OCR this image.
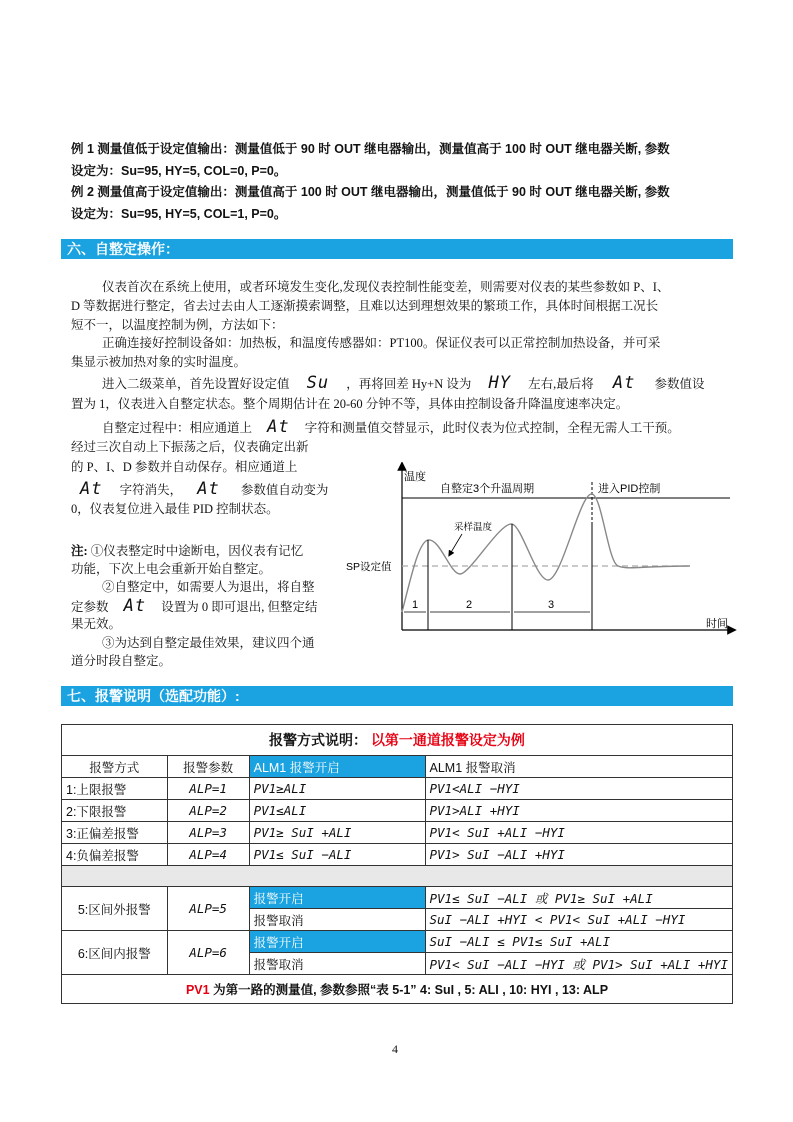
例 1 测量值低于设定值输出：测量值低于 90 时 OUT 继电器输出，测量值高于 100 时 OUT 继电器关断, 参数
设定为：Su=95, HY=5, COL=0, P=0。
例 2 测量值高于设定值输出：测量值高于 100 时 OUT 继电器输出，测量值低于 90 时 OUT 继电器关断, 参数
设定为：Su=95, HY=5, COL=1, P=0。
六、自整定操作：
仪表首次在系统上使用，或者环境发生变化,发现仪表控制性能变差，则需要对仪表的某些参数如 P、I、
D 等数据进行整定，省去过去由人工逐渐摸索调整，且难以达到理想效果的繁琐工作，具体时间根据工况长
短不一，以温度控制为例，方法如下：
正确连接好控制设备如：加热板，和温度传感器如：PT100。保证仪表可以正常控制加热设备，并可采
集显示被加热对象的实时温度。
进入二级菜单，首先设置好设定值 Su ，再将回差 Hy+N 设为 HY 左右,最后将 At 参数值设
置为 1，仪表进入自整定状态。整个周期估计在 20-60 分钟不等，具体由控制设备升降温度速率决定。
自整定过程中：相应通道上 At 字符和测量值交替显示，此时仪表为位式控制，全程无需人工干预。
经过三次自动上下振荡之后，仪表确定出新
的 P、I、D 参数并自动保存。相应通道上
At 字符消失， At 参数值自动变为
0，仪表复位进入最佳 PID 控制状态。
注: ①仪表整定时中途断电，因仪表有记忆
功能，下次上电会重新开始自整定。
②自整定中，如需要人为退出，将自整
定参数 At 设置为 0 即可退出, 但整定结
果无效。
③为达到自整定最佳效果，建议四个通
道分时段自整定。
温度
时间
SP设定值
自整定3个升温周期	进入PID控制
1	2	3
采样温度
七、报警说明（选配功能）:
报警方式说明： 以第一通道报警设定为例			
报警方式	报警参数	ALM1 报警开启	ALM1 报警取消
1:上限报警	ALP=1	PV1≥ALI	PV1<ALI −HYI
2:下限报警	ALP=2	PV1≤ALI	PV1>ALI +HYI
3:正偏差报警	ALP=3	PV1≥ SuI +ALI	PV1< SuI +ALI −HYI
4:负偏差报警	ALP=4	PV1≤ SuI −ALI	PV1> SuI −ALI +HYI

5:区间外报警	ALP=5	报警开启	PV1≤ SuI −ALI 或 PV1≥ SuI +ALI
		报警取消	SuI −ALI +HYI < PV1< SuI +ALI −HYI
6:区间内报警	ALP=6	报警开启	SuI −ALI ≤ PV1≤ SuI +ALI
		报警取消	PV1< SuI −ALI −HYI 或 PV1> SuI +ALI +HYI
PV1 为第一路的测量值, 参数参照“表 5-1” 4: SuI , 5: ALI , 10: HYI , 13: ALP			
4
